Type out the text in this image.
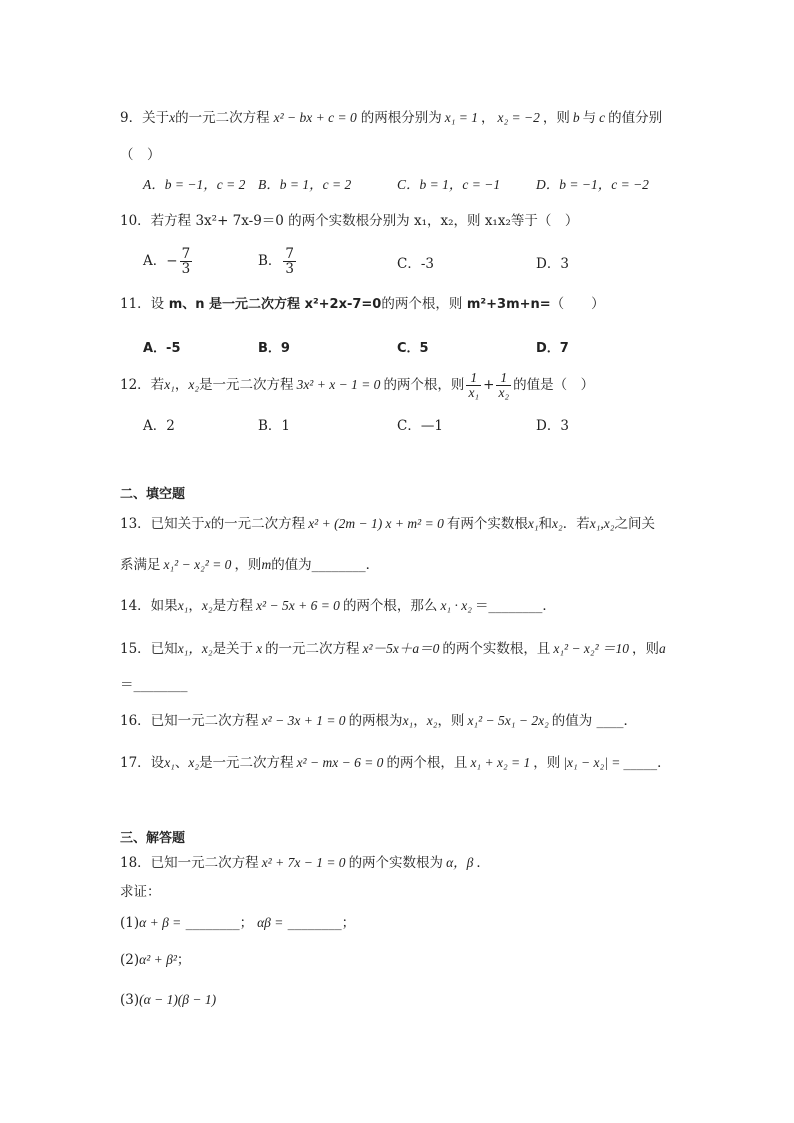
9．关于x的一元二次方程 x² − bx + c = 0 的两根分别为 x₁ = 1 ， x₂ = −2 ，则 b 与 c 的值分别
（　）
A．b = −1，c = 2 B．b = 1，c = 2	C．b = 1，c = −1	D．b = −1，c = −2
10．若方程 3x²+ 7x-9＝0 的两个实数根分别为 x₁，x₂，则 x₁x₂等于（　）
A．− $\frac{7}{3}$	B． $\frac{7}{3}$	C．-3	D．3
11．设 m、n 是一元二次方程 x²+2x-7=0的两个根，则 m²+3m+n=（　　）
A．-5	B．9	C．5	D．7
12．若x₁，x₂是一元二次方程 3x² + x − 1 = 0 的两个根，则 $\frac{1}{\text{x₁}} + \frac{1}{\text{x₂}}$ 的值是（　）
A．2	B．1	C．—1	D．3
二、填空题
13．已知关于x的一元二次方程 x² + (2m − 1) x + m² = 0 有两个实数根x₁和x₂．若x₁,x₂之间关
系满足 x₁² − x₂² = 0 ，则m的值为________．
14．如果x₁，x₂是方程 x² − 5x + 6 = 0 的两个根，那么 x₁ · x₂ ＝________．
15．已知x₁，x₂是关于 x 的一元二次方程 x²－5x＋a＝0 的两个实数根，且 x₁² − x₂² ＝10 ，则a
＝________
16．已知一元二次方程 x² − 3x + 1 = 0 的两根为x₁，x₂，则 x₁² − 5x₁ − 2x₂ 的值为 ____．
17．设x₁、x₂是一元二次方程 x² − mx − 6 = 0 的两个根，且 x₁ + x₂ = 1 ，则 |x₁ − x₂| = _____．
三、解答题
18．已知一元二次方程 x² + 7x − 1 = 0 的两个实数根为 α，β ．
求证：
(1)α + β = ________； αβ = ________；
(2)α² + β²；
(3)(α − 1)(β − 1)
